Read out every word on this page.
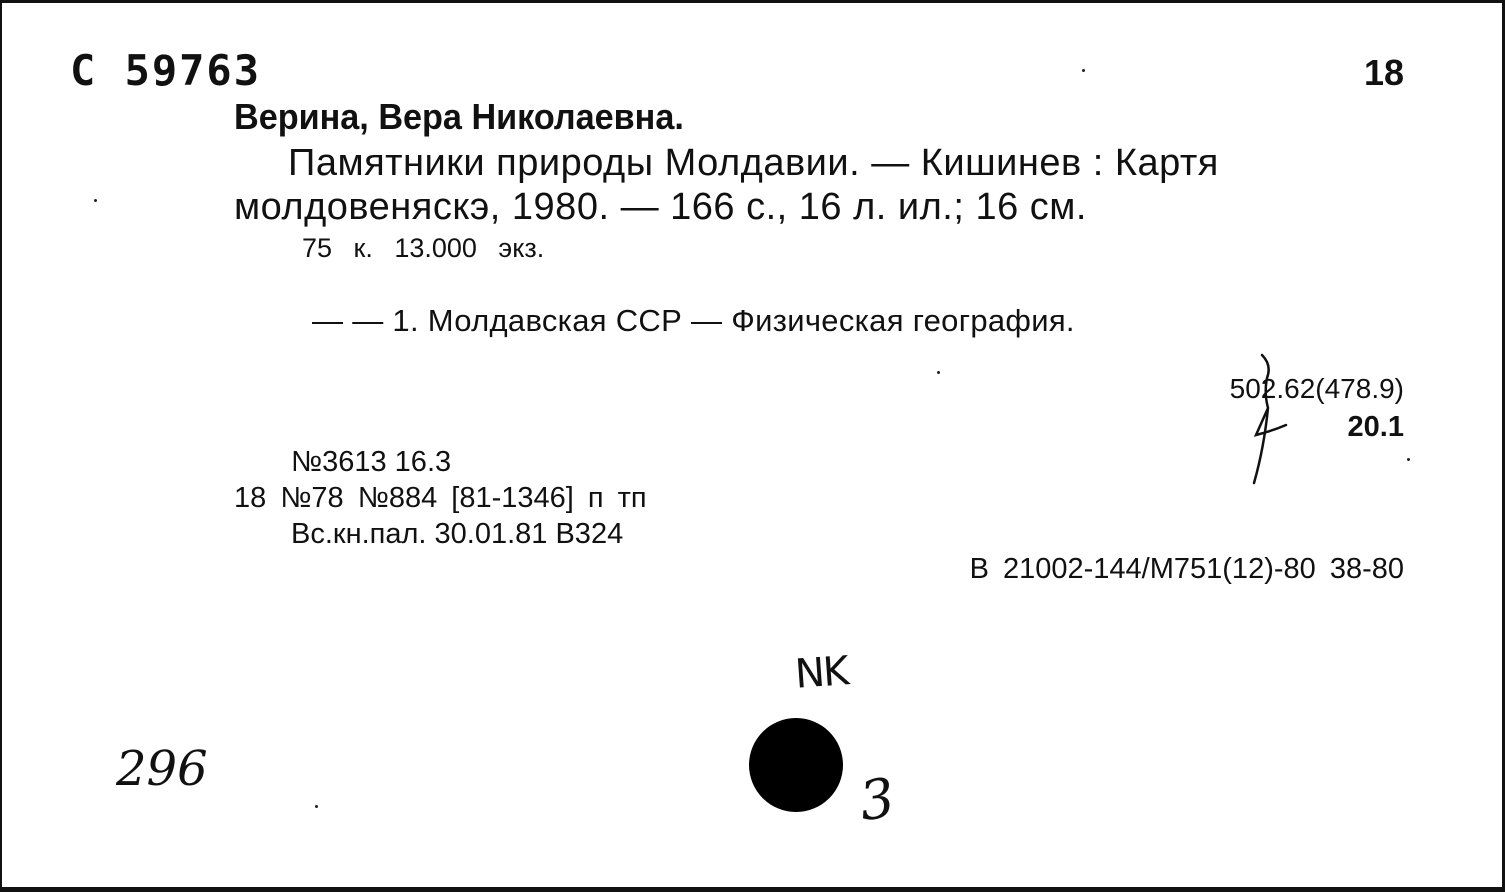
С 59763	18
Верина, Вера Николаевна.
Памятники природы Молдавии. — Кишинев : Картя
молдовеняскэ, 1980. — 166 с., 16 л. ил.; 16 см.
75 к. 13.000 экз.
— — 1. Молдавская ССР — Физическая география.
502.62(478.9)
20.1
№3613 16.3
18 №78 №884 [81-1346] п тп
Вс.кн.пал. 30.01.81 В324
В 21002-144/М751(12)-80 38-80
NK
3
296
